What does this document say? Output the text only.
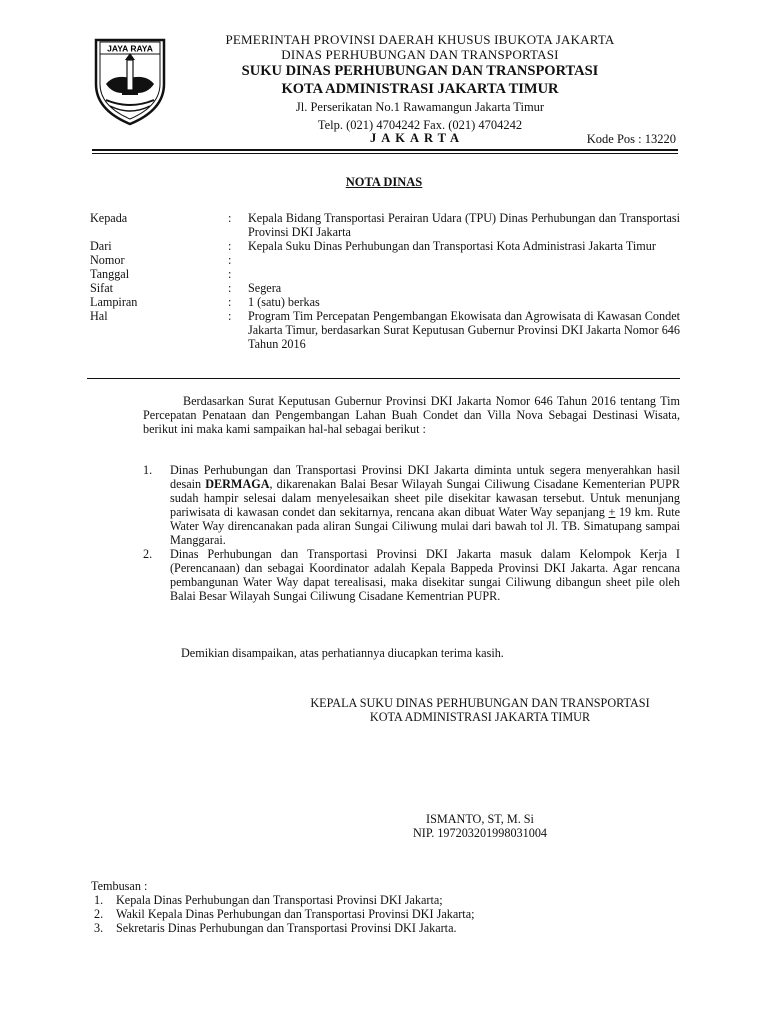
JAYA RAYA
PEMERINTAH PROVINSI DAERAH KHUSUS IBUKOTA JAKARTA
DINAS PERHUBUNGAN DAN TRANSPORTASI
SUKU DINAS PERHUBUNGAN DAN TRANSPORTASI
KOTA ADMINISTRASI JAKARTA TIMUR
Jl. Perserikatan No.1 Rawamangun Jakarta Timur
Telp. (021) 4704242 Fax. (021) 4704242
JAKARTA	Kode Pos : 13220
NOTA DINAS
Kepada	:	Kepala Bidang Transportasi Perairan Udara (TPU) Dinas Perhubungan dan Transportasi Provinsi DKI Jakarta
Dari	:	Kepala Suku Dinas Perhubungan dan Transportasi Kota Administrasi Jakarta Timur
Nomor	:
Tanggal	:
Sifat	:	Segera
Lampiran	:	1 (satu) berkas
Hal	:	Program Tim Percepatan Pengembangan Ekowisata dan Agrowisata di Kawasan Condet Jakarta Timur, berdasarkan Surat Keputusan Gubernur Provinsi DKI Jakarta Nomor 646 Tahun 2016
Berdasarkan Surat Keputusan Gubernur Provinsi DKI Jakarta Nomor 646 Tahun 2016 tentang Tim Percepatan Penataan dan Pengembangan Lahan Buah Condet dan Villa Nova Sebagai Destinasi Wisata, berikut ini maka kami sampaikan hal-hal sebagai berikut :
1.	Dinas Perhubungan dan Transportasi Provinsi DKI Jakarta diminta untuk segera menyerahkan hasil desain DERMAGA, dikarenakan Balai Besar Wilayah Sungai Ciliwung Cisadane Kementerian PUPR sudah hampir selesai dalam menyelesaikan sheet pile disekitar kawasan tersebut. Untuk menunjang pariwisata di kawasan condet dan sekitarnya, rencana akan dibuat Water Way sepanjang + 19 km. Rute Water Way direncanakan pada aliran Sungai Ciliwung mulai dari bawah tol Jl. TB. Simatupang sampai Manggarai.
2.	Dinas Perhubungan dan Transportasi Provinsi DKI Jakarta masuk dalam Kelompok Kerja I (Perencanaan) dan sebagai Koordinator adalah Kepala Bappeda Provinsi DKI Jakarta. Agar rencana pembangunan Water Way dapat terealisasi, maka disekitar sungai Ciliwung dibangun sheet pile oleh Balai Besar Wilayah Sungai Ciliwung Cisadane Kementrian PUPR.
Demikian disampaikan, atas perhatiannya diucapkan terima kasih.
KEPALA SUKU DINAS PERHUBUNGAN DAN TRANSPORTASI
KOTA ADMINISTRASI JAKARTA TIMUR
ISMANTO, ST, M. Si
NIP. 197203201998031004
Tembusan :
1.	Kepala Dinas Perhubungan dan Transportasi Provinsi DKI Jakarta;
2.	Wakil Kepala Dinas Perhubungan dan Transportasi Provinsi DKI Jakarta;
3.	Sekretaris Dinas Perhubungan dan Transportasi Provinsi DKI Jakarta.
